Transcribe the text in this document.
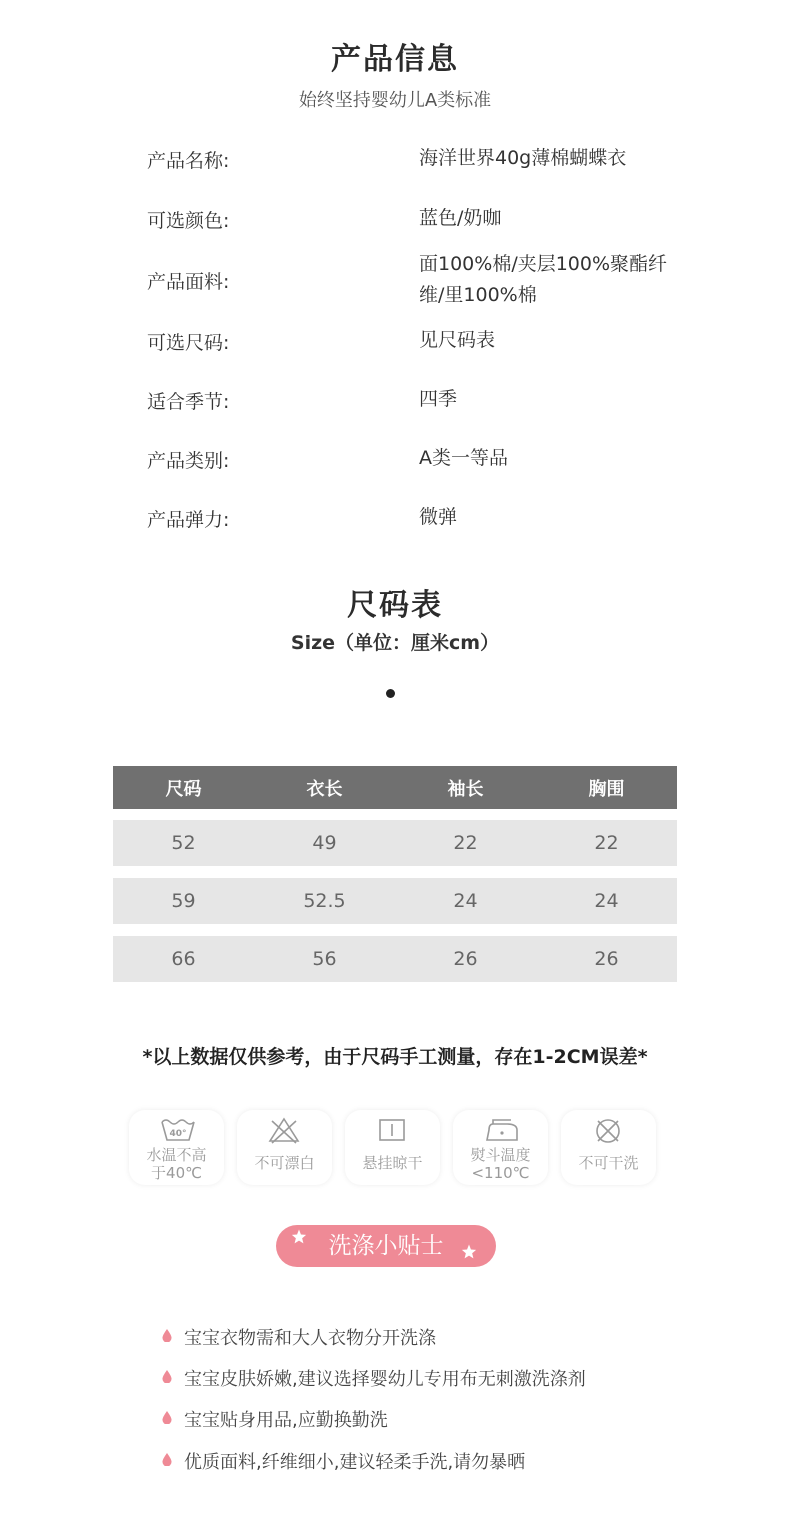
产品信息
始终坚持婴幼儿A类标准
产品名称:	海洋世界40g薄棉蝴蝶衣
可选颜色:	蓝色/奶咖
产品面料:
面100%棉/夹层100%聚酯纤维/里100%棉
可选尺码:	见尺码表
适合季节:	四季
产品类别:	A类一等品
产品弹力:	微弹
尺码表
Size（单位：厘米cm）
尺码	衣长	袖长	胸围
52	49	22	22
59	52.5	24	24
66	56	26	26
*以上数据仅供参考，由于尺码手工测量，存在1-2CM误差*
40°
水温不高
于40℃
不可漂白	悬挂晾干	熨斗温度
<110℃
不可干洗
洗涤小贴士
宝宝衣物需和大人衣物分开洗涤
宝宝皮肤娇嫩,建议选择婴幼儿专用布无刺激洗涤剂
宝宝贴身用品,应勤换勤洗
优质面料,纤维细小,建议轻柔手洗,请勿暴晒
